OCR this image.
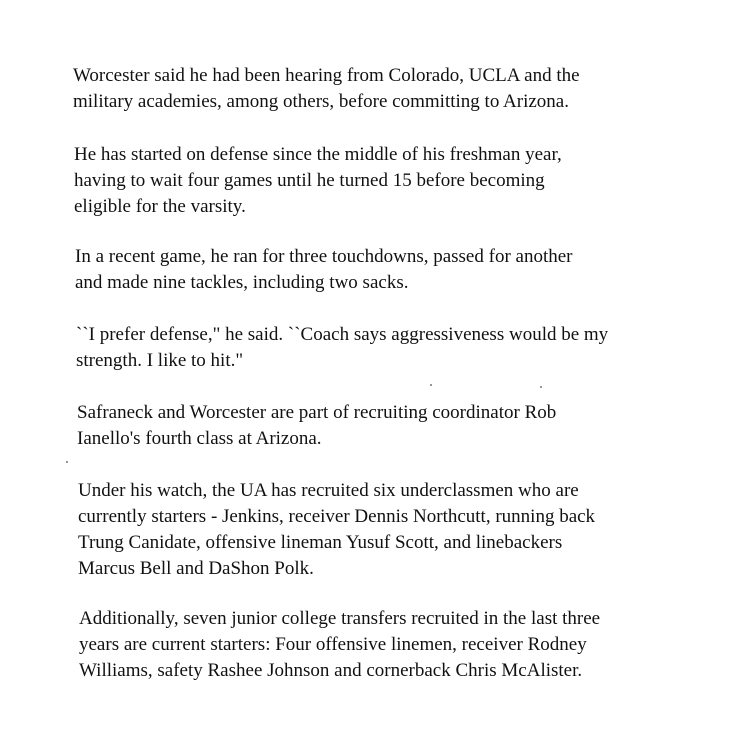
Worcester said he had been hearing from Colorado, UCLA and the
military academies, among others, before committing to Arizona.

He has started on defense since the middle of his freshman year,
having to wait four games until he turned 15 before becoming
eligible for the varsity.

In a recent game, he ran for three touchdowns, passed for another
and made nine tackles, including two sacks.

``I prefer defense," he said. ``Coach says aggressiveness would be my
strength. I like to hit."

Safraneck and Worcester are part of recruiting coordinator Rob
Ianello's fourth class at Arizona.

Under his watch, the UA has recruited six underclassmen who are
currently starters - Jenkins, receiver Dennis Northcutt, running back
Trung Canidate, offensive lineman Yusuf Scott, and linebackers
Marcus Bell and DaShon Polk.

Additionally, seven junior college transfers recruited in the last three
years are current starters: Four offensive linemen, receiver Rodney
Williams, safety Rashee Johnson and cornerback Chris McAlister.
